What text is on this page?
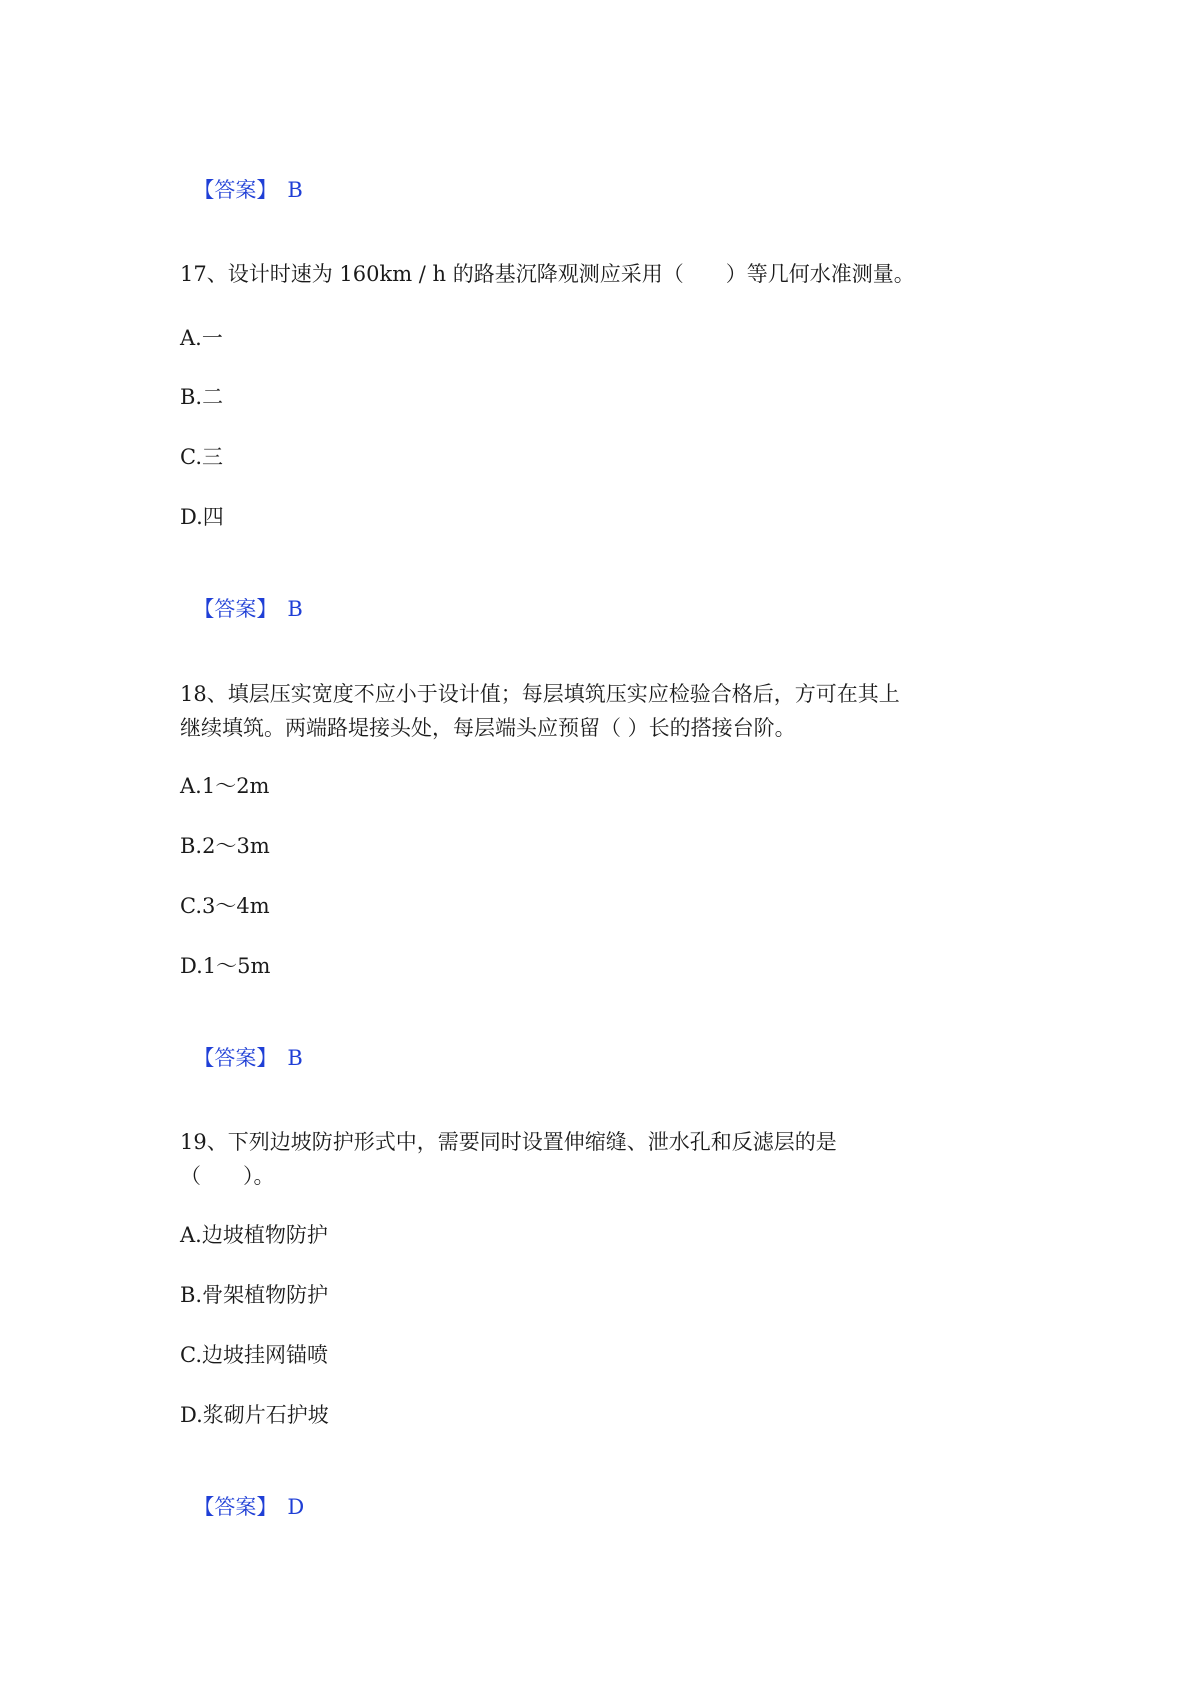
【答案】 B

17、设计时速为 160km / h 的路基沉降观测应采用（　　）等几何水准测量。
A.一
B.二
C.三
D.四

【答案】 B

18、填层压实宽度不应小于设计值；每层填筑压实应检验合格后，方可在其上
继续填筑。两端路堤接头处，每层端头应预留（ ）长的搭接台阶。
A.1～2m
B.2～3m
C.3～4m
D.1～5m

【答案】 B

19、下列边坡防护形式中，需要同时设置伸缩缝、泄水孔和反滤层的是
（　　）。
A.边坡植物防护
B.骨架植物防护
C.边坡挂网锚喷
D.浆砌片石护坡

【答案】 D
